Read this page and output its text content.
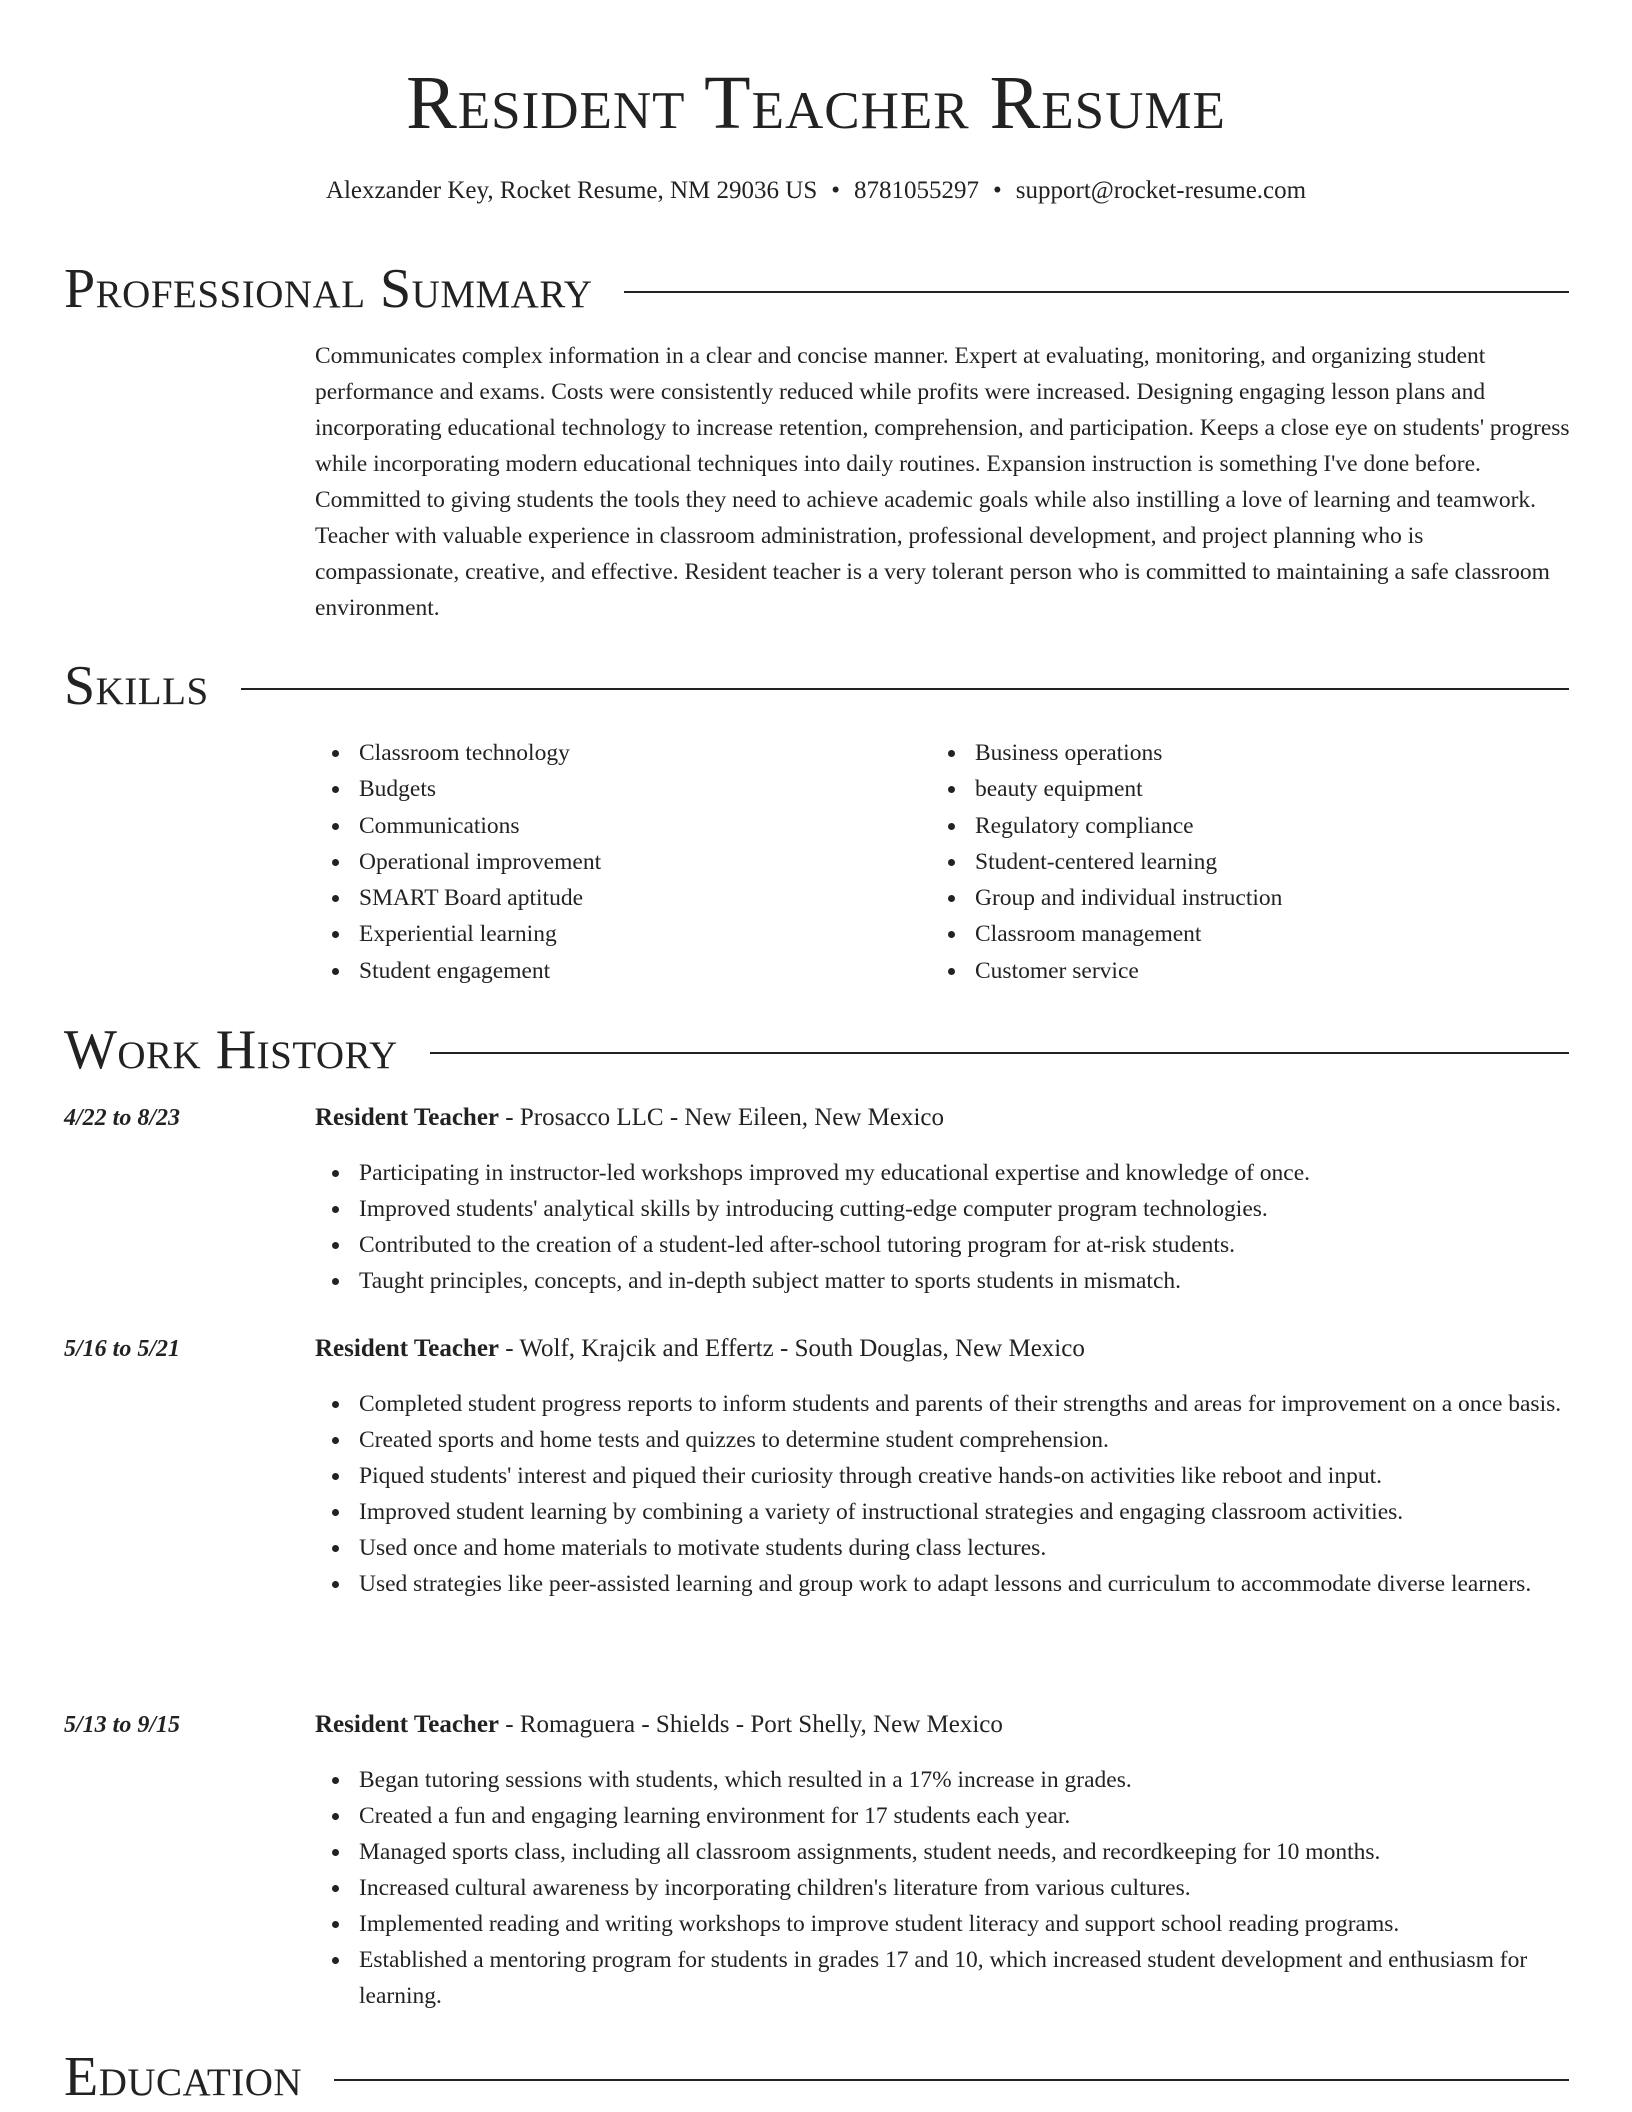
Resident Teacher Resume
Alexzander Key, Rocket Resume, NM 29036 US • 8781055297 • support@rocket-resume.com
Professional Summary

Communicates complex information in a clear and concise manner. Expert at evaluating, monitoring, and organizing student performance and exams. Costs were consistently reduced while profits were increased. Designing engaging lesson plans and incorporating educational technology to increase retention, comprehension, and participation. Keeps a close eye on students' progress while incorporating modern educational techniques into daily routines. Expansion instruction is something I've done before. Committed to giving students the tools they need to achieve academic goals while also instilling a love of learning and teamwork. Teacher with valuable experience in classroom administration, professional development, and project planning who is compassionate, creative, and effective. Resident teacher is a very tolerant person who is committed to maintaining a safe classroom environment.

Skills
Classroom technology
Budgets
Communications
Operational improvement
SMART Board aptitude
Experiential learning
Student engagement
Business operations
beauty equipment
Regulatory compliance
Student-centered learning
Group and individual instruction
Classroom management
Customer service
Work History
4/22 to 8/23	Resident Teacher - Prosacco LLC - New Eileen, New Mexico
Participating in instructor-led workshops improved my educational expertise and knowledge of once.
Improved students' analytical skills by introducing cutting-edge computer program technologies.
Contributed to the creation of a student-led after-school tutoring program for at-risk students.
Taught principles, concepts, and in-depth subject matter to sports students in mismatch.
5/16 to 5/21	Resident Teacher - Wolf, Krajcik and Effertz - South Douglas, New Mexico
Completed student progress reports to inform students and parents of their strengths and areas for improvement on a once basis.
Created sports and home tests and quizzes to determine student comprehension.
Piqued students' interest and piqued their curiosity through creative hands-on activities like reboot and input.
Improved student learning by combining a variety of instructional strategies and engaging classroom activities.
Used once and home materials to motivate students during class lectures.
Used strategies like peer-assisted learning and group work to adapt lessons and curriculum to accommodate diverse learners.
5/13 to 9/15	Resident Teacher - Romaguera - Shields - Port Shelly, New Mexico
Began tutoring sessions with students, which resulted in a 17% increase in grades.
Created a fun and engaging learning environment for 17 students each year.
Managed sports class, including all classroom assignments, student needs, and recordkeeping for 10 months.
Increased cultural awareness by incorporating children's literature from various cultures.
Implemented reading and writing workshops to improve student literacy and support school reading programs.
Established a mentoring program for students in grades 17 and 10, which increased student development and enthusiasm for learning.
Education
